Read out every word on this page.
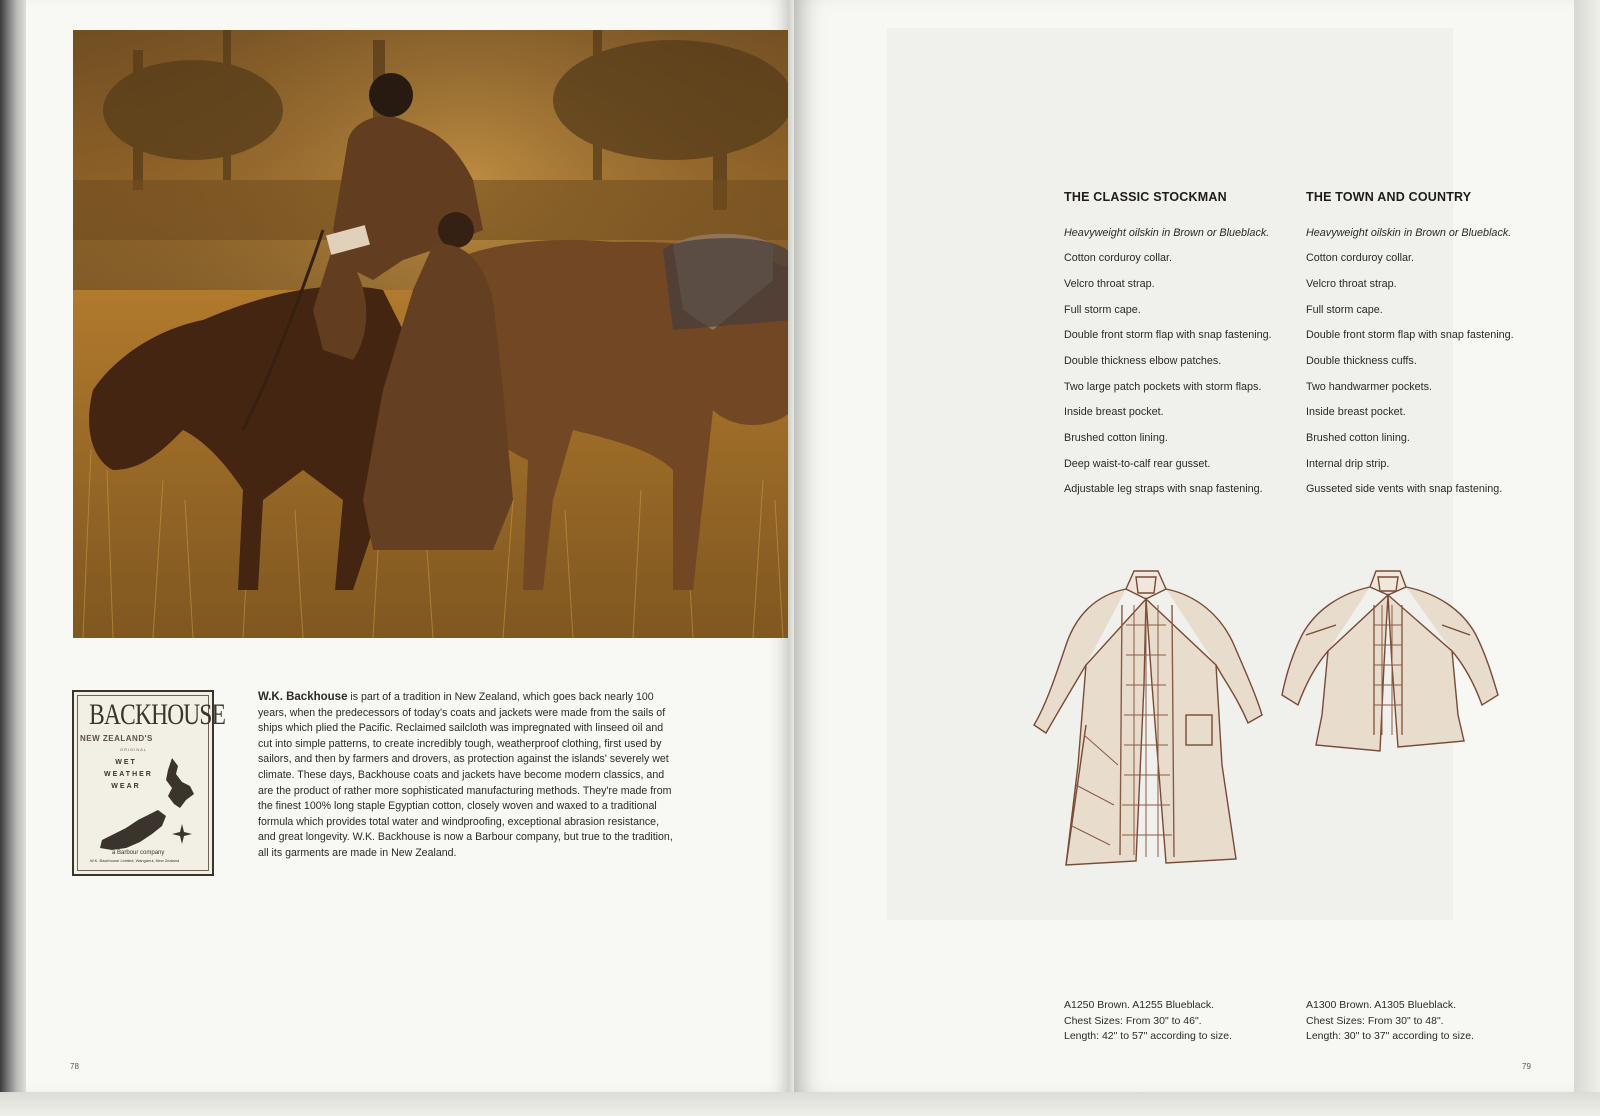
BACKHOUSE
NEW ZEALAND'S
ORIGINAL
WET
WEATHER
WEAR
a Barbour company
W.K. Backhouse Limited, Wanganui, New Zealand
W.K. Backhouse is part of a tradition in New Zealand, which goes back nearly 100 years, when the predecessors of today's coats and jackets were made from the sails of ships which plied the Pacific. Reclaimed sailcloth was impregnated with linseed oil and cut into simple patterns, to create incredibly tough, weatherproof clothing, first used by sailors, and then by farmers and drovers, as protection against the islands' severely wet climate. These days, Backhouse coats and jackets have become modern classics, and are the product of rather more sophisticated manufacturing methods. They're made from the finest 100% long staple Egyptian cotton, closely woven and waxed to a traditional formula which provides total water and windproofing, exceptional abrasion resistance, and great longevity. W.K. Backhouse is now a Barbour company, but true to the tradition, all its garments are made in New Zealand.
78
THE CLASSIC STOCKMAN
Heavyweight oilskin in Brown or Blueblack.
Cotton corduroy collar.
Velcro throat strap.
Full storm cape.
Double front storm flap with snap fastening.
Double thickness elbow patches.
Two large patch pockets with storm flaps.
Inside breast pocket.
Brushed cotton lining.
Deep waist-to-calf rear gusset.
Adjustable leg straps with snap fastening.
THE TOWN AND COUNTRY
Heavyweight oilskin in Brown or Blueblack.
Cotton corduroy collar.
Velcro throat strap.
Full storm cape.
Double front storm flap with snap fastening.
Double thickness cuffs.
Two handwarmer pockets.
Inside breast pocket.
Brushed cotton lining.
Internal drip strip.
Gusseted side vents with snap fastening.
A1250 Brown. A1255 Blueblack.
Chest Sizes: From 30" to 46".
Length: 42" to 57" according to size.
A1300 Brown. A1305 Blueblack.
Chest Sizes: From 30" to 48".
Length: 30" to 37" according to size.
79
